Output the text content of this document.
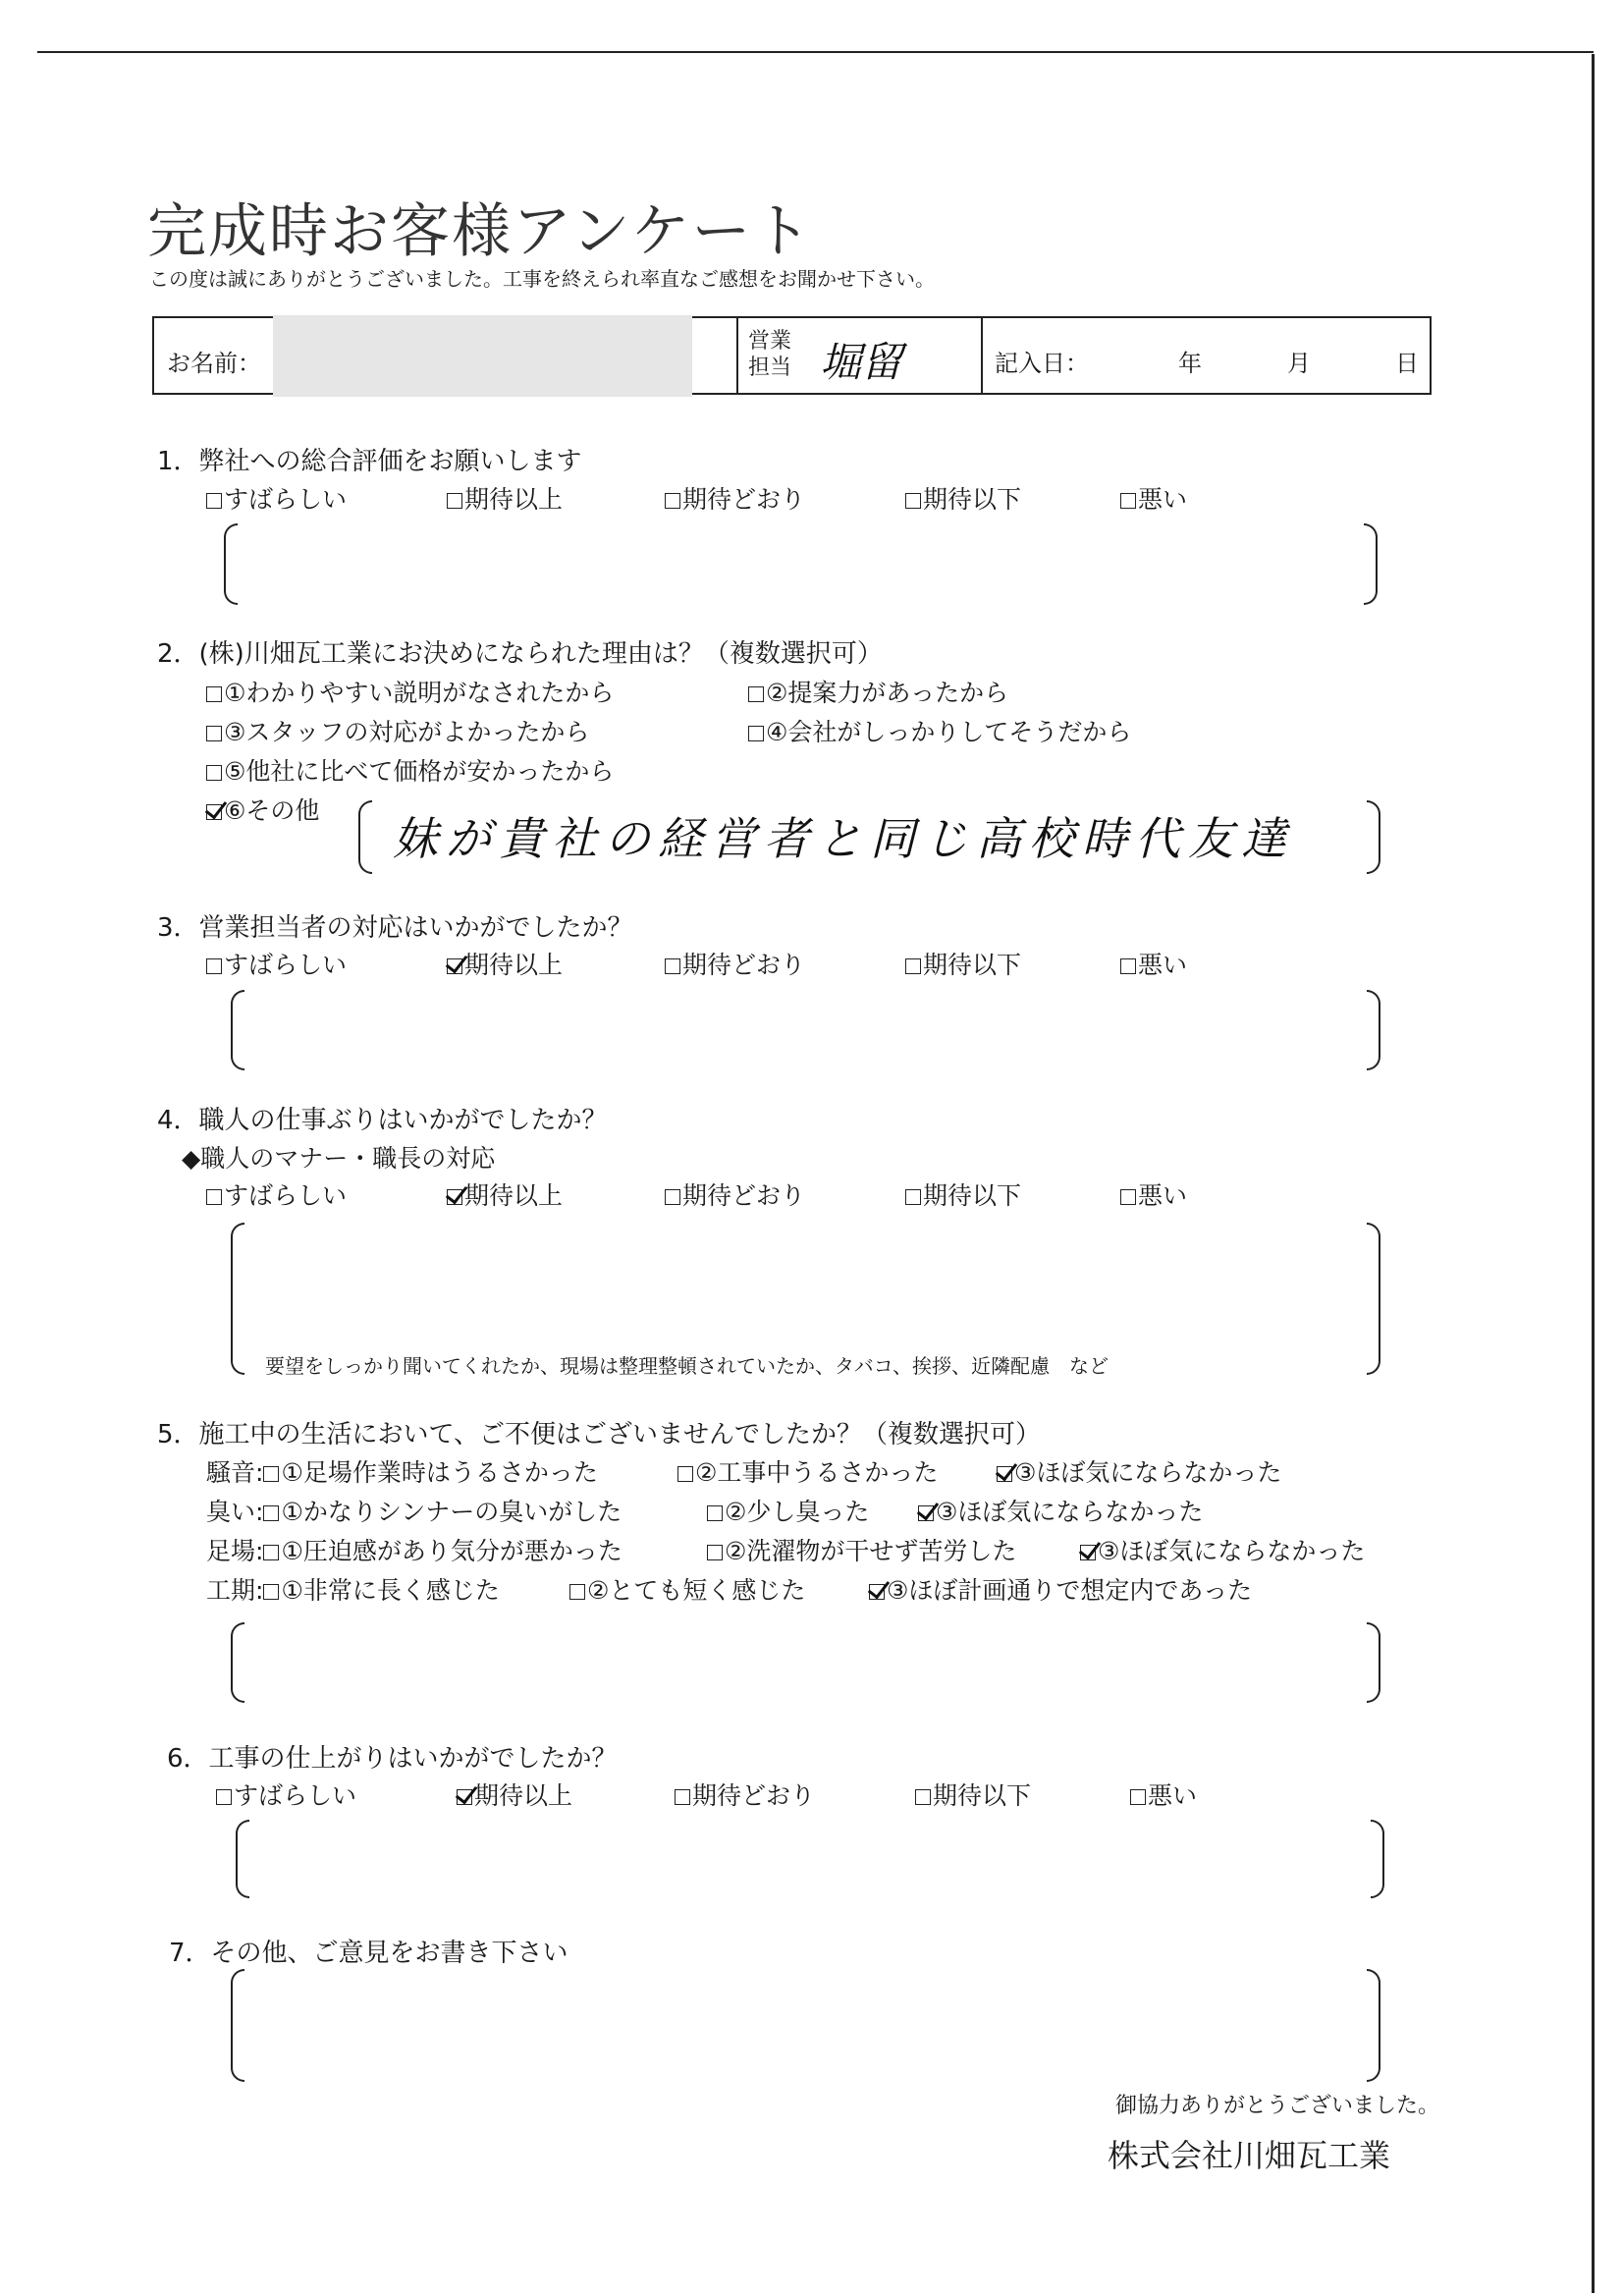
完成時お客様アンケート
この度は誠にありがとうございました。工事を終えられ率直なご感想をお聞かせ下さい。
お名前：
営業
担当 堀留	記入日：	年	月	日
1．弊社への総合評価をお願いします
すばらしい	期待以上	期待どおり	期待以下	悪い
2．(株)川畑瓦工業にお決めになられた理由は？（複数選択可）
①わかりやすい説明がなされたから	②提案力があったから
③スタッフの対応がよかったから	④会社がしっかりしてそうだから
⑤他社に比べて価格が安かったから
⑥その他
妹が貴社の経営者と同じ高校時代友達
3．営業担当者の対応はいかがでしたか？
すばらしい	期待以上	期待どおり	期待以下	悪い
4．職人の仕事ぶりはいかがでしたか？
◆職人のマナー・職長の対応
すばらしい	期待以上	期待どおり	期待以下	悪い
要望をしっかり聞いてくれたか、現場は整理整頓されていたか、タバコ、挨拶、近隣配慮　など
5．施工中の生活において、ご不便はございませんでしたか？（複数選択可）
騒音: ①足場作業時はうるさかった	②工事中うるさかった	③ほぼ気にならなかった
臭い: ①かなりシンナーの臭いがした	②少し臭った	③ほぼ気にならなかった
足場: ①圧迫感があり気分が悪かった	②洗濯物が干せず苦労した	③ほぼ気にならなかった
工期: ①非常に長く感じた	②とても短く感じた	③ほぼ計画通りで想定内であった
6．工事の仕上がりはいかがでしたか？
すばらしい	期待以上	期待どおり	期待以下	悪い
7．その他、ご意見をお書き下さい
御協力ありがとうございました。
株式会社川畑瓦工業
